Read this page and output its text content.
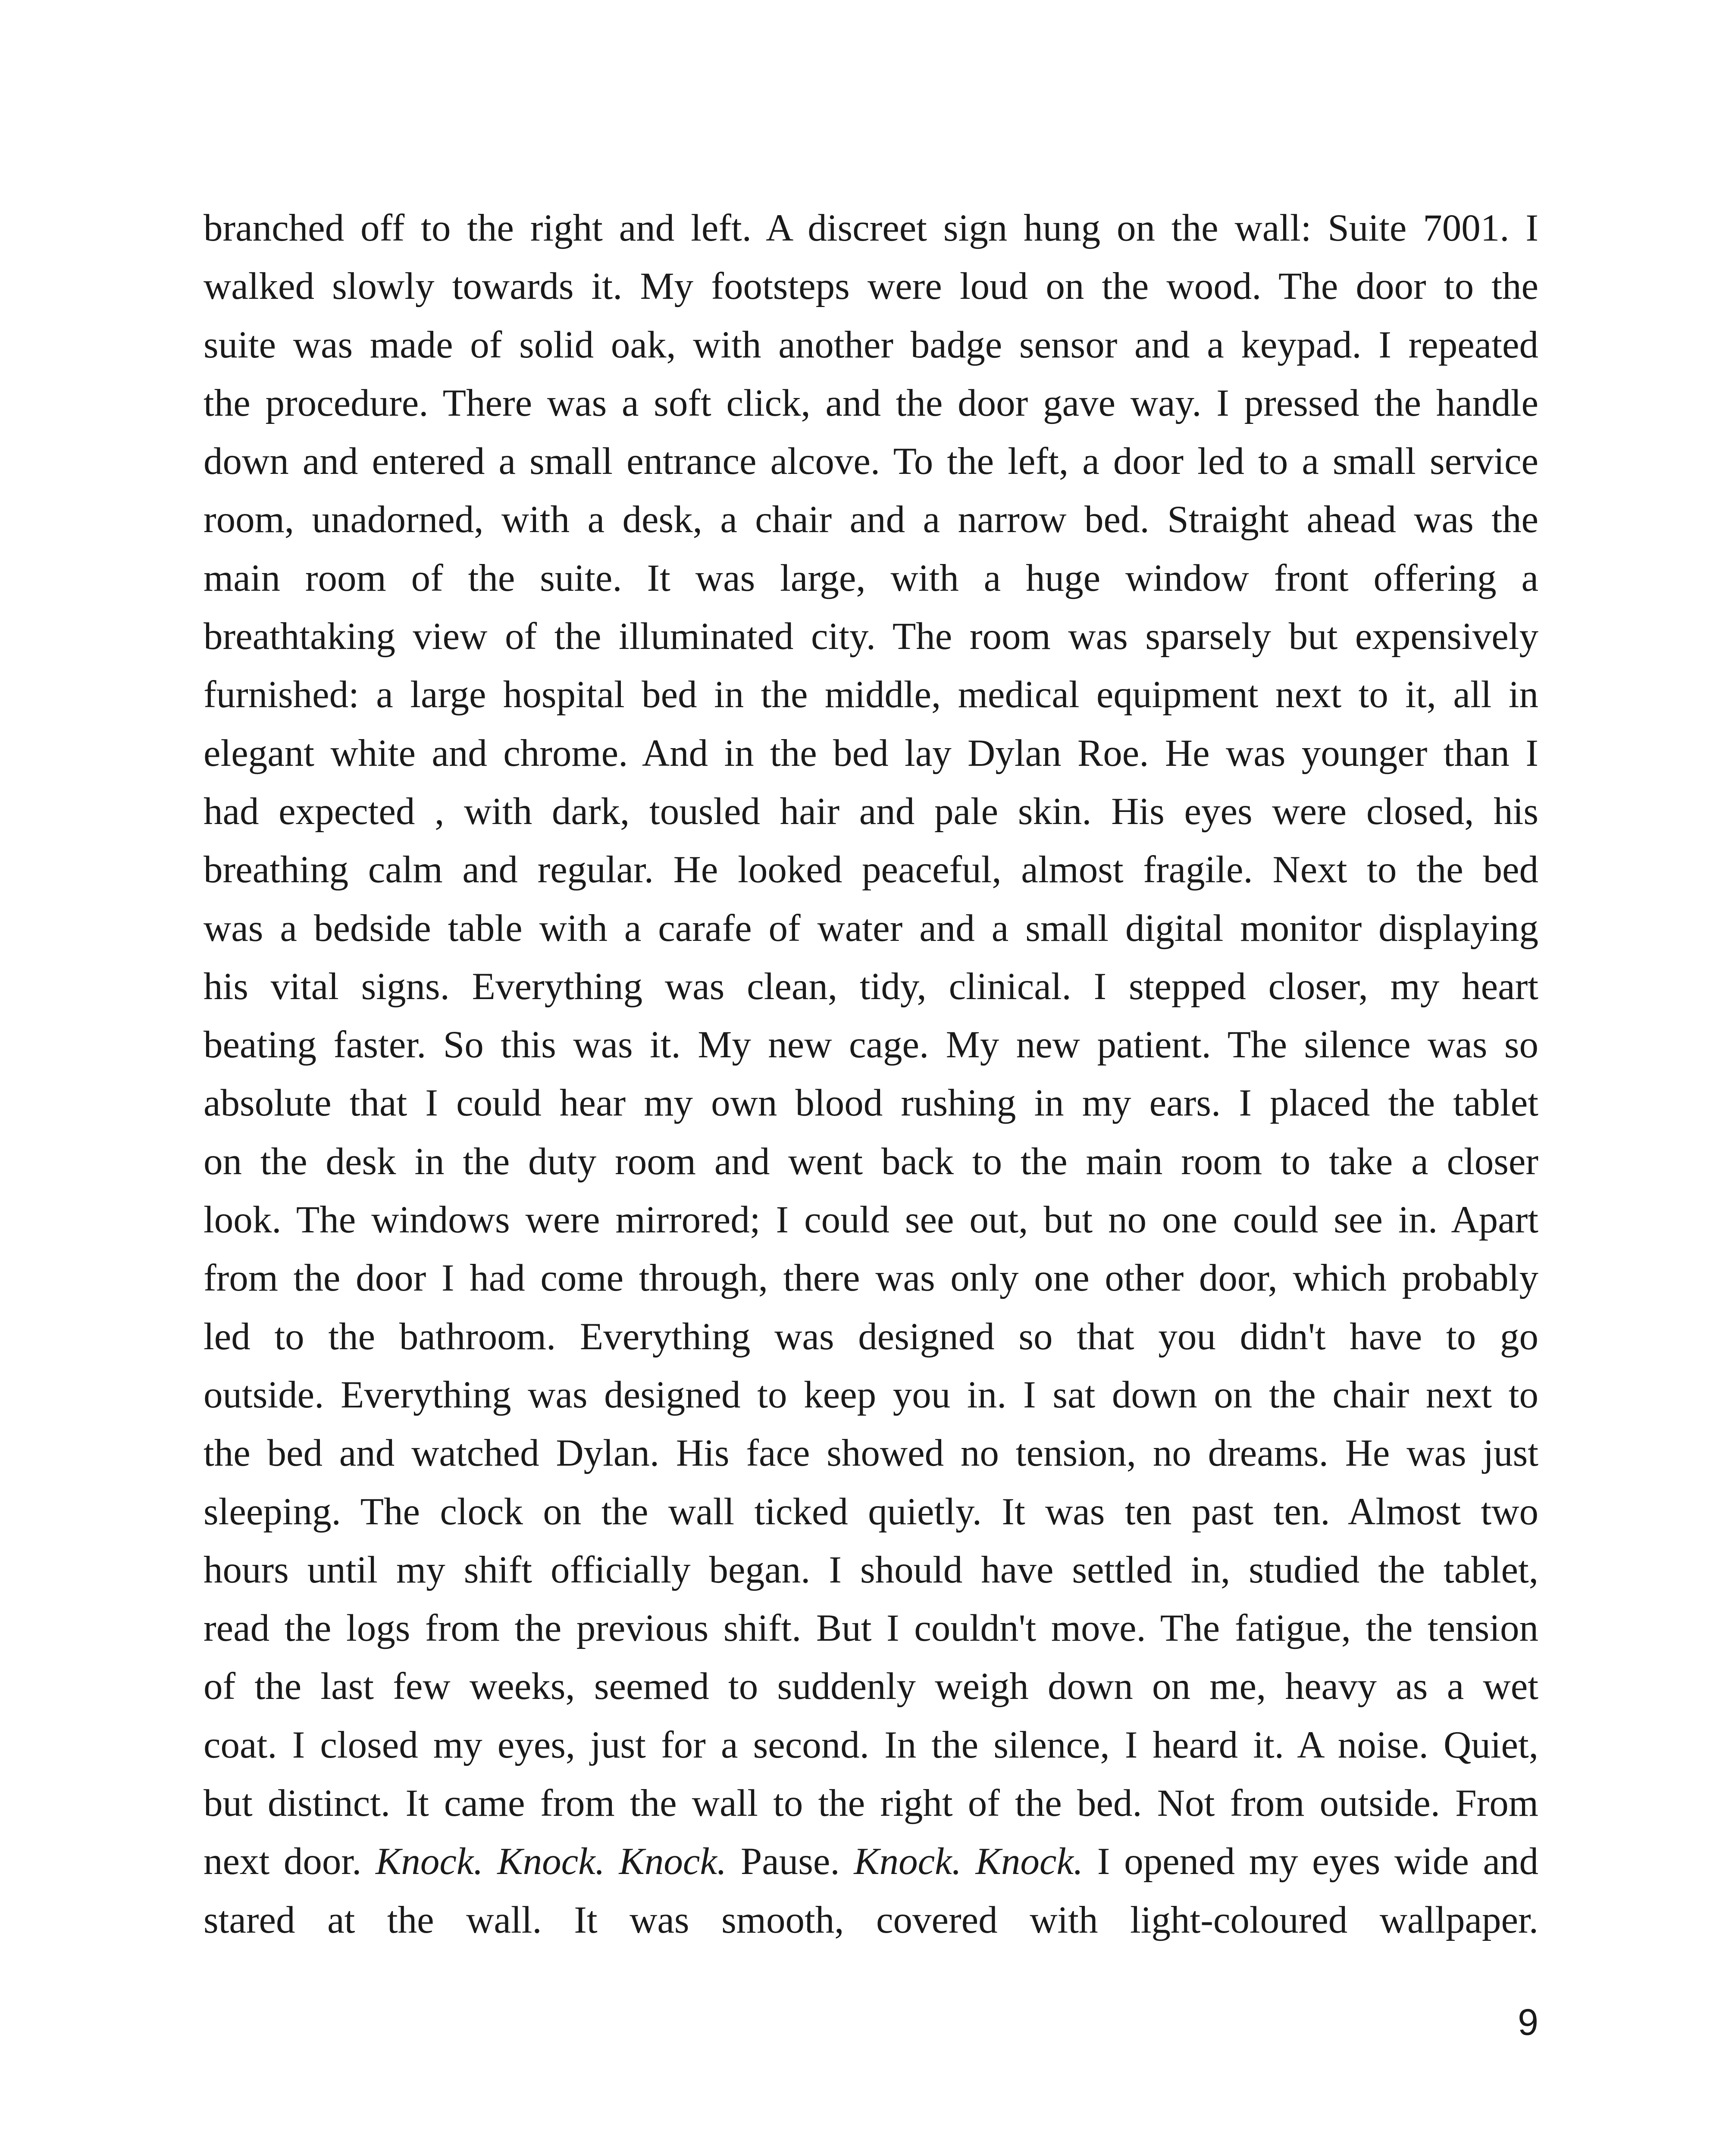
branched off to the right and left. A discreet sign hung on the wall: Suite 7001. I
walked slowly towards it. My footsteps were loud on the wood. The door to the
suite was made of solid oak, with another badge sensor and a keypad. I repeated
the procedure. There was a soft click, and the door gave way. I pressed the handle
down and entered a small entrance alcove. To the left, a door led to a small service
room, unadorned, with a desk, a chair and a narrow bed. Straight ahead was the
main room of the suite. It was large, with a huge window front offering a
breathtaking view of the illuminated city. The room was sparsely but expensively
furnished: a large hospital bed in the middle, medical equipment next to it, all in
elegant white and chrome. And in the bed lay Dylan Roe. He was younger than I
had expected , with dark, tousled hair and pale skin. His eyes were closed, his
breathing calm and regular. He looked peaceful, almost fragile. Next to the bed
was a bedside table with a carafe of water and a small digital monitor displaying
his vital signs. Everything was clean, tidy, clinical. I stepped closer, my heart
beating faster. So this was it. My new cage. My new patient. The silence was so
absolute that I could hear my own blood rushing in my ears. I placed the tablet
on the desk in the duty room and went back to the main room to take a closer
look. The windows were mirrored; I could see out, but no one could see in. Apart
from the door I had come through, there was only one other door, which probably
led to the bathroom. Everything was designed so that you didn't have to go
outside. Everything was designed to keep you in. I sat down on the chair next to
the bed and watched Dylan. His face showed no tension, no dreams. He was just
sleeping. The clock on the wall ticked quietly. It was ten past ten. Almost two
hours until my shift officially began. I should have settled in, studied the tablet,
read the logs from the previous shift. But I couldn't move. The fatigue, the tension
of the last few weeks, seemed to suddenly weigh down on me, heavy as a wet
coat. I closed my eyes, just for a second. In the silence, I heard it. A noise. Quiet,
but distinct. It came from the wall to the right of the bed. Not from outside. From
next door. Knock. Knock. Knock. Pause. Knock. Knock. I opened my eyes wide and
stared at the wall. It was smooth, covered with light-coloured wallpaper.
9
